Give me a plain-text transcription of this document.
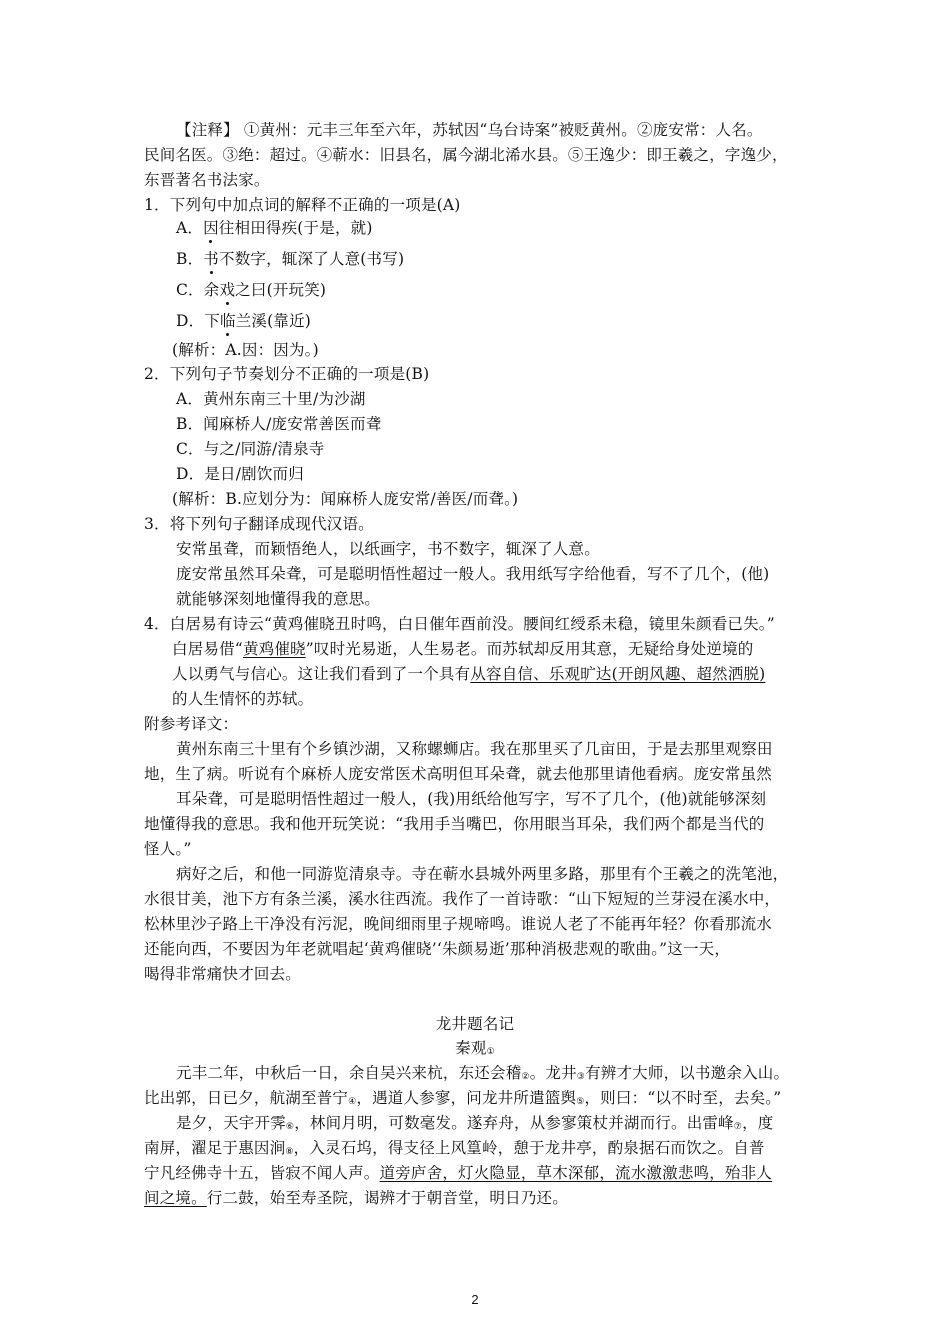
【注释】 ①黄州：元丰三年至六年，苏轼因“乌台诗案”被贬黄州。②庞安常：人名。
民间名医。③绝：超过。④蕲水：旧县名，属今湖北浠水县。⑤王逸少：即王羲之，字逸少，
东晋著名书法家。
1．下列句中加点词的解释不正确的一项是(A)
A．因往相田得疾(于是，就)
B．书不数字，辄深了人意(书写)
C．余戏之曰(开玩笑)
D．下临兰溪(靠近)
(解析：A.因：因为。)
2．下列句子节奏划分不正确的一项是(B)
A．黄州东南三十里/为沙湖
B．闻麻桥人/庞安常善医而聋
C．与之/同游/清泉寺
D．是日/剧饮而归
(解析：B.应划分为：闻麻桥人庞安常/善医/而聋。)
3．将下列句子翻译成现代汉语。
安常虽聋，而颖悟绝人，以纸画字，书不数字，辄深了人意。
庞安常虽然耳朵聋，可是聪明悟性超过一般人。我用纸写字给他看，写不了几个，(他)
就能够深刻地懂得我的意思。
4．白居易有诗云“黄鸡催晓丑时鸣，白日催年酉前没。腰间红绶系未稳，镜里朱颜看已失。”
白居易借“黄鸡催晓”叹时光易逝，人生易老。而苏轼却反用其意，无疑给身处逆境的
人以勇气与信心。这让我们看到了一个具有从容自信、乐观旷达(开朗风趣、超然洒脱)
的人生情怀的苏轼。
附参考译文：
黄州东南三十里有个乡镇沙湖，又称螺蛳店。我在那里买了几亩田，于是去那里观察田
地，生了病。听说有个麻桥人庞安常医术高明但耳朵聋，就去他那里请他看病。庞安常虽然
耳朵聋，可是聪明悟性超过一般人，(我)用纸给他写字，写不了几个，(他)就能够深刻
地懂得我的意思。我和他开玩笑说：“我用手当嘴巴，你用眼当耳朵，我们两个都是当代的
怪人。”
病好之后，和他一同游览清泉寺。寺在蕲水县城外两里多路，那里有个王羲之的洗笔池，
水很甘美，池下方有条兰溪，溪水往西流。我作了一首诗歌：“山下短短的兰芽浸在溪水中，
松林里沙子路上干净没有污泥，晚间细雨里子规啼鸣。谁说人老了不能再年轻？你看那流水
还能向西，不要因为年老就唱起‘黄鸡催晓’‘朱颜易逝’那种消极悲观的歌曲。”这一天，
喝得非常痛快才回去。
龙井题名记
秦观①
元丰二年，中秋后一日，余自吴兴来杭，东还会稽②。龙井③有辨才大师，以书邀余入山。
比出郭，日已夕，航湖至普宁④，遇道人参寥，问龙井所遣篮舆⑤，则曰：“以不时至，去矣。”
是夕，天宇开霁⑥，林间月明，可数毫发。遂弃舟，从参寥策杖并湖而行。出雷峰⑦，度
南屏，濯足于惠因涧⑧，入灵石坞，得支径上风篁岭，憩于龙井亭，酌泉据石而饮之。自普
宁凡经佛寺十五，皆寂不闻人声。道旁庐舍，灯火隐显，草木深郁，流水激激悲鸣，殆非人
间之境。行二鼓，始至寿圣院，谒辨才于朝音堂，明日乃还。
2
